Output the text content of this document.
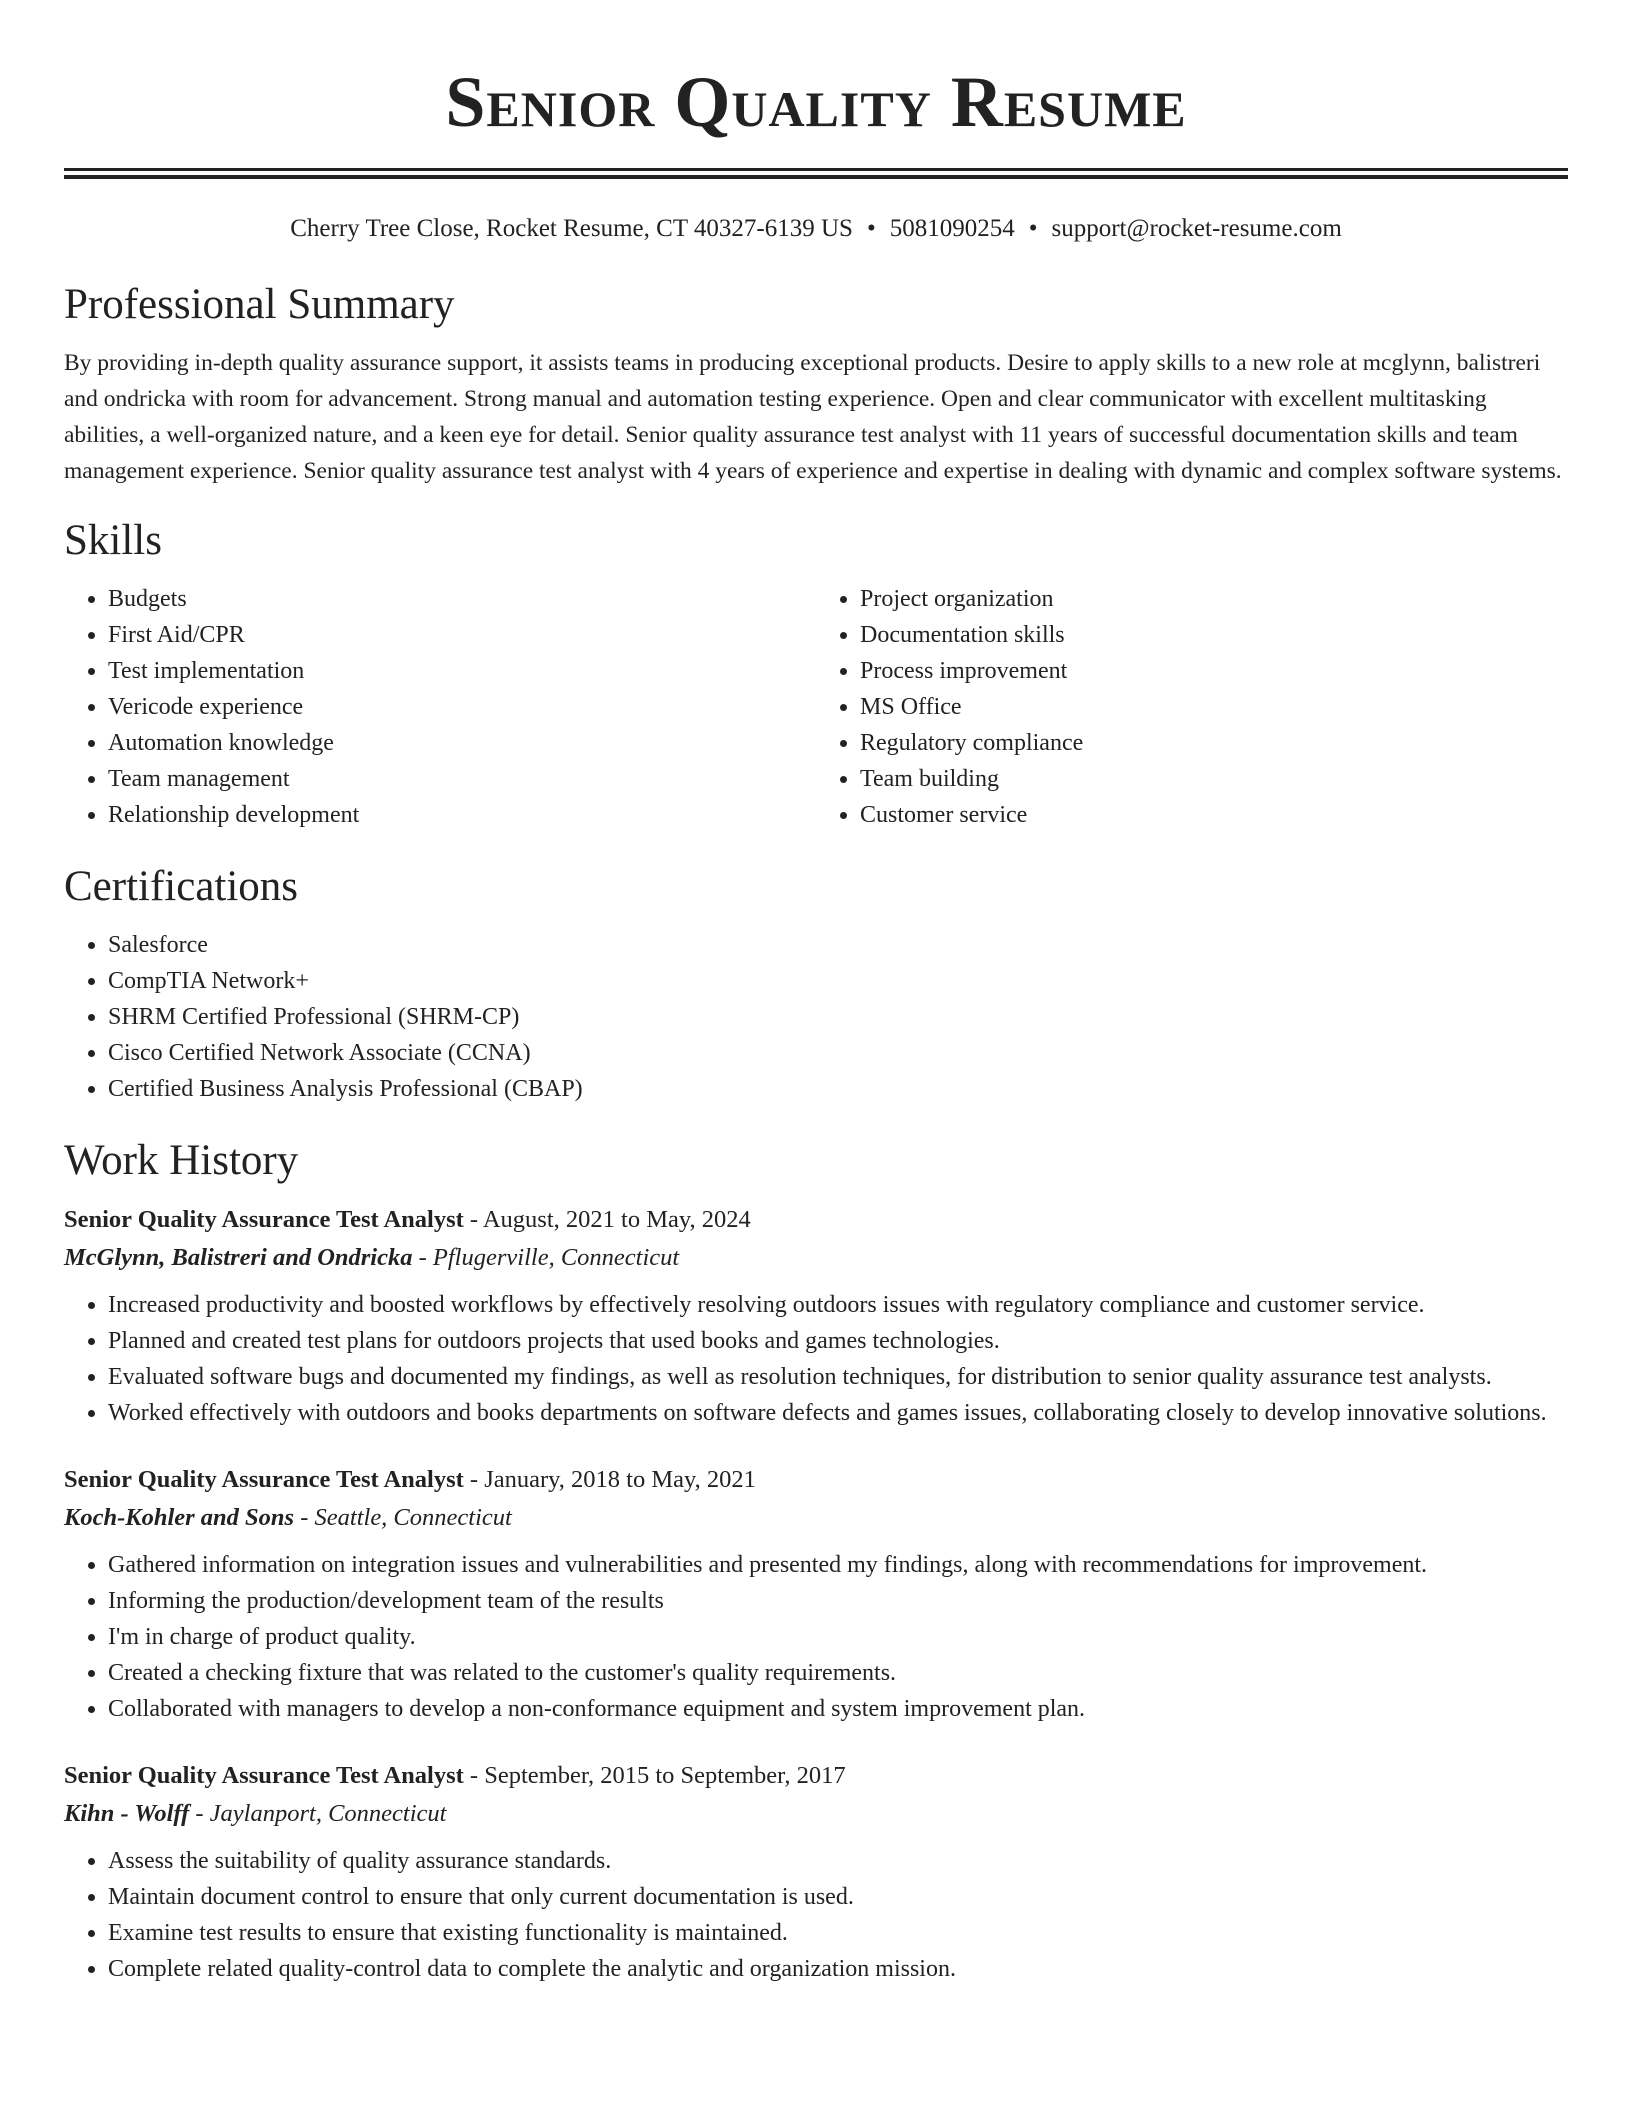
Senior Quality Resume
Cherry Tree Close, Rocket Resume, CT 40327-6139 US • 5081090254 • support@rocket-resume.com
Professional Summary

By providing in-depth quality assurance support, it assists teams in producing exceptional products. Desire to apply skills to a new role at mcglynn, balistreri and ondricka with room for advancement. Strong manual and automation testing experience. Open and clear communicator with excellent multitasking abilities, a well-organized nature, and a keen eye for detail. Senior quality assurance test analyst with 11 years of successful documentation skills and team management experience. Senior quality assurance test analyst with 4 years of experience and expertise in dealing with dynamic and complex software systems.

Skills
• Budgets
• First Aid/CPR
• Test implementation
• Vericode experience
• Automation knowledge
• Team management
• Relationship development
• Project organization
• Documentation skills
• Process improvement
• MS Office
• Regulatory compliance
• Team building
• Customer service
Certifications
• Salesforce
• CompTIA Network+
• SHRM Certified Professional (SHRM-CP)
• Cisco Certified Network Associate (CCNA)
• Certified Business Analysis Professional (CBAP)
Work History
Senior Quality Assurance Test Analyst - August, 2021 to May, 2024
McGlynn, Balistreri and Ondricka - Pflugerville, Connecticut
• Increased productivity and boosted workflows by effectively resolving outdoors issues with regulatory compliance and customer service.
• Planned and created test plans for outdoors projects that used books and games technologies.
• Evaluated software bugs and documented my findings, as well as resolution techniques, for distribution to senior quality assurance test analysts.
• Worked effectively with outdoors and books departments on software defects and games issues, collaborating closely to develop innovative solutions.
Senior Quality Assurance Test Analyst - January, 2018 to May, 2021
Koch-Kohler and Sons - Seattle, Connecticut
• Gathered information on integration issues and vulnerabilities and presented my findings, along with recommendations for improvement.
• Informing the production/development team of the results
• I'm in charge of product quality.
• Created a checking fixture that was related to the customer's quality requirements.
• Collaborated with managers to develop a non-conformance equipment and system improvement plan.
Senior Quality Assurance Test Analyst - September, 2015 to September, 2017
Kihn - Wolff - Jaylanport, Connecticut
• Assess the suitability of quality assurance standards.
• Maintain document control to ensure that only current documentation is used.
• Examine test results to ensure that existing functionality is maintained.
• Complete related quality-control data to complete the analytic and organization mission.
